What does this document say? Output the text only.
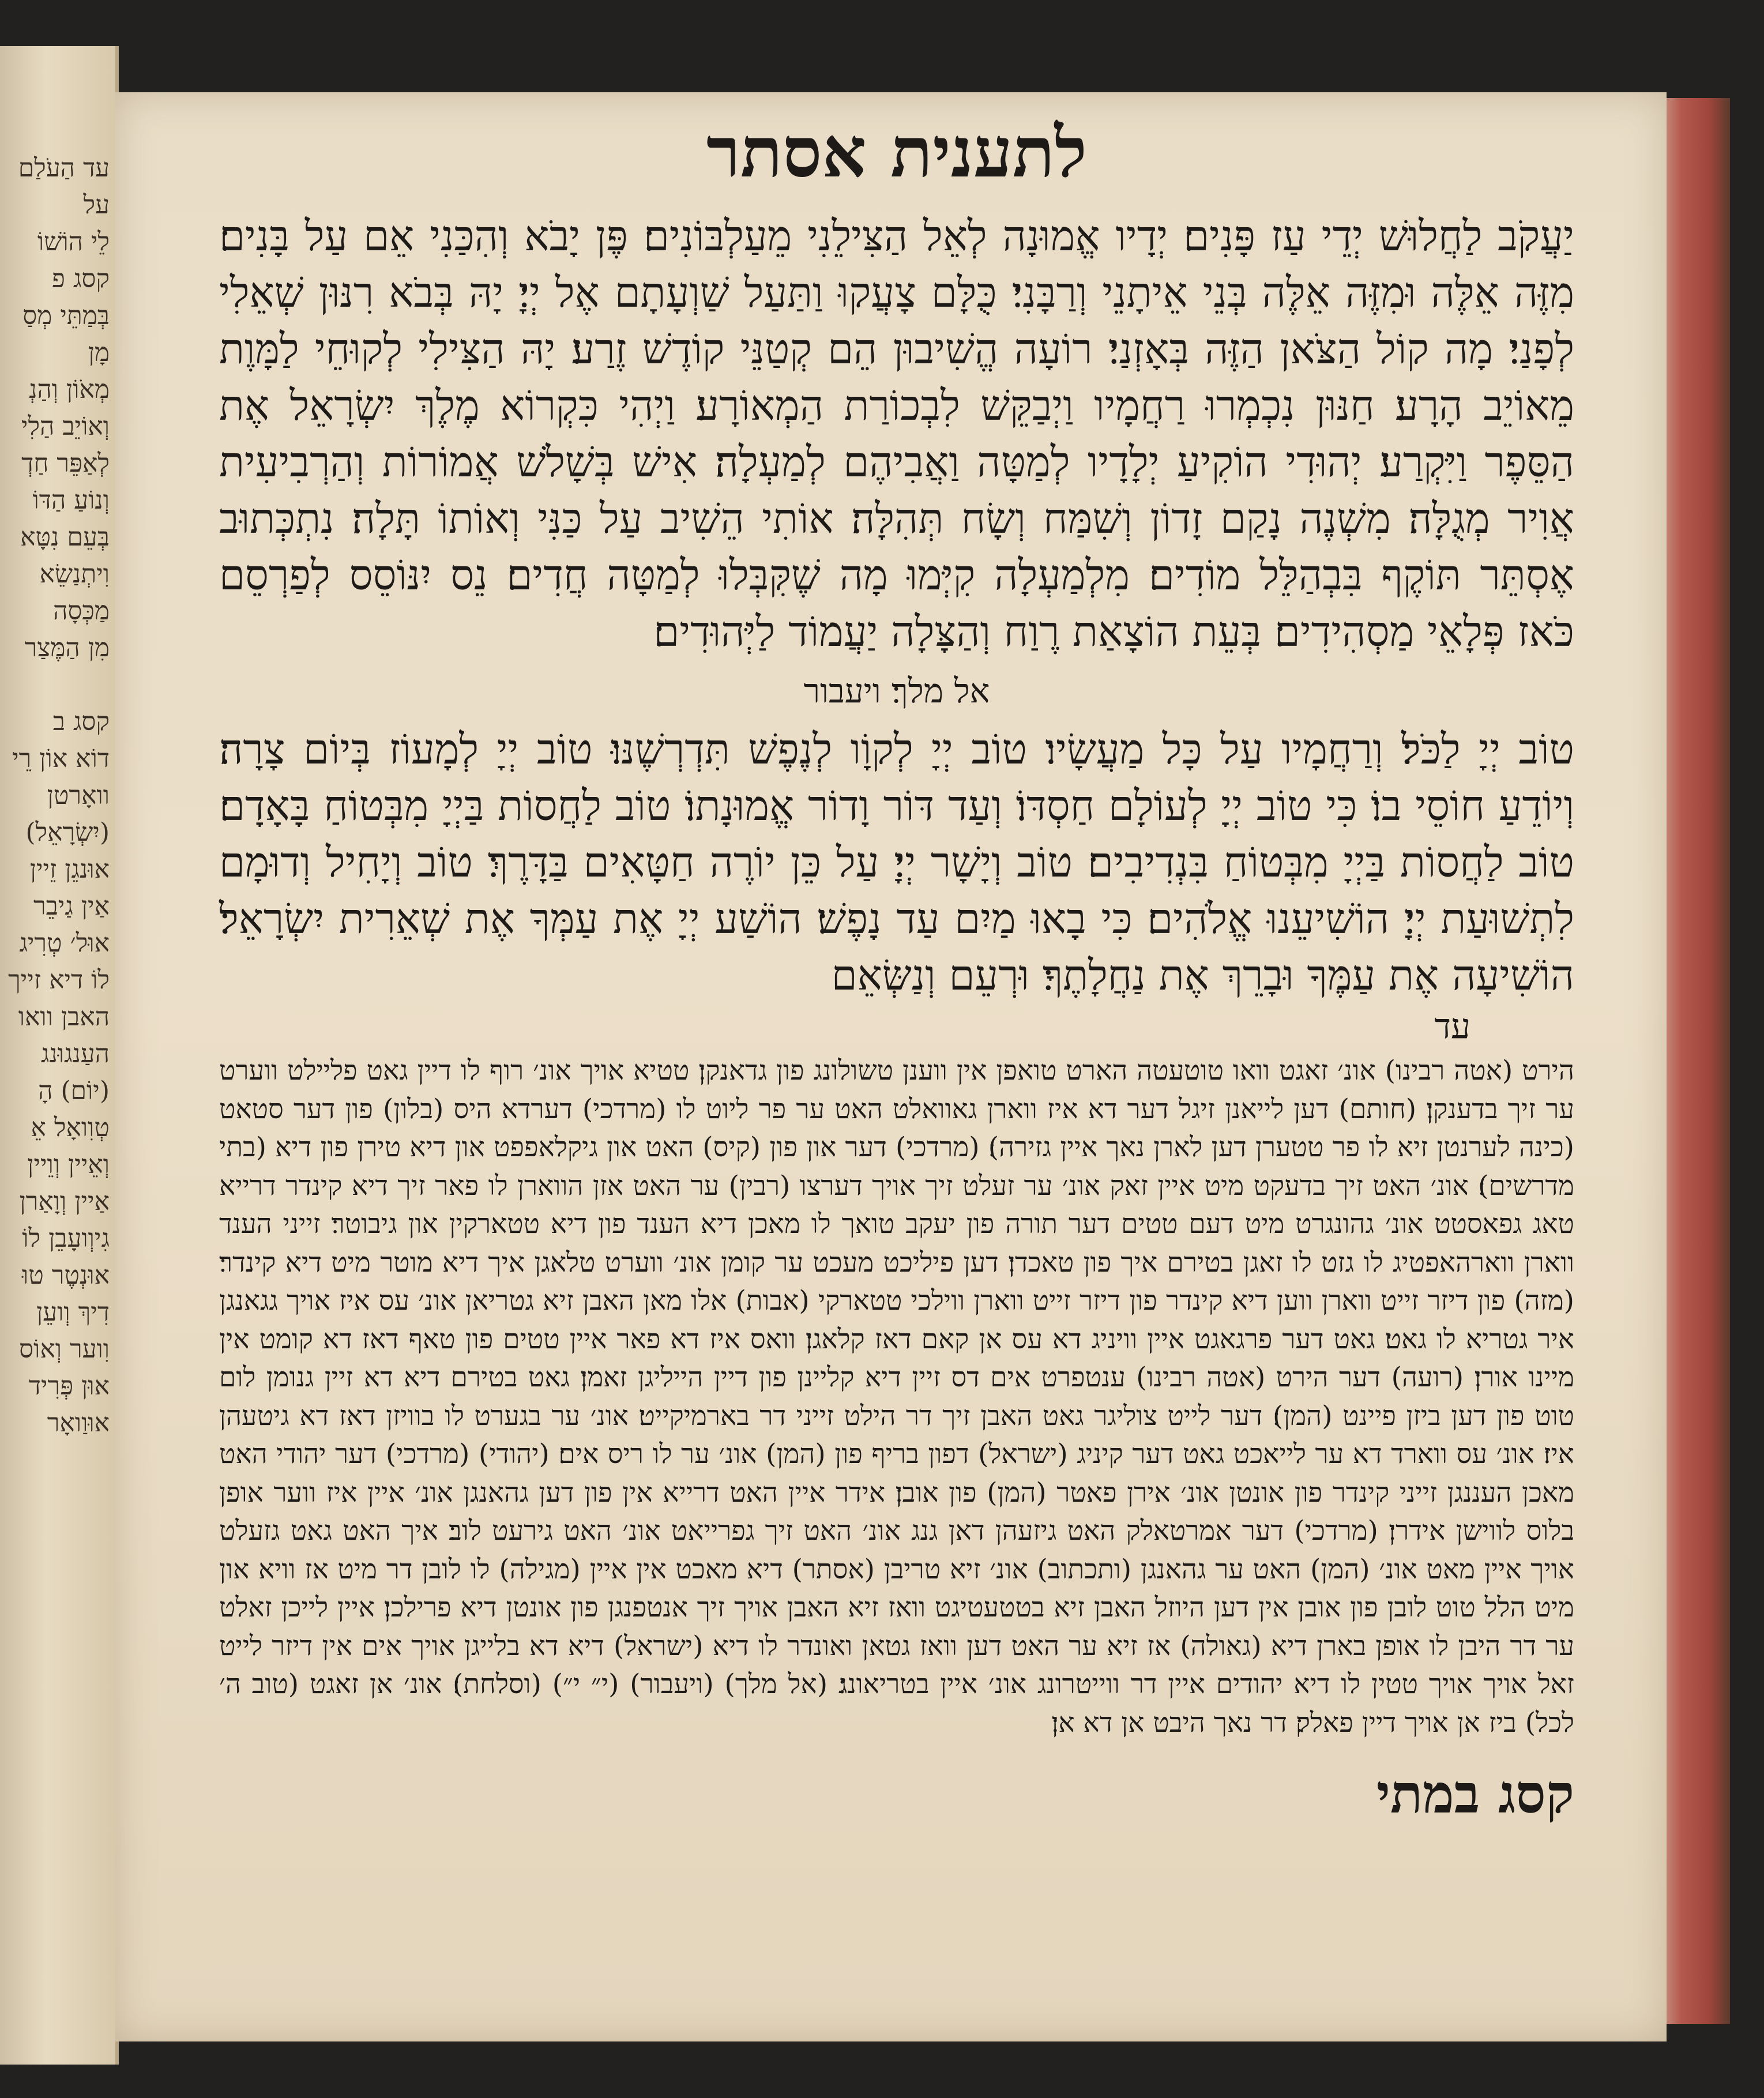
עד הַעֹלַם
על
לֵי הוֹשׁוֹ
קסג פ
בְּמַתֵּי מְסַ
מָן
מְאֹוֹן וְהַנְ
וְאוֹיֵב הַלִי
לְאַפֵּר חַדְ
וְנוֹעַ הַדּוֹ
בְּעֵם נִטָּא
וִיתְנַשֵׂא
מַכְּסָה
מִן הַמֶּצַר

קסג ב
דוֹא אוֹן רֵי
וואָרטן
(יִשְׂרָאֵל)
אוּנגֵן זֵיין
אַין גַיבֵר
אוּל׳ טְרִיג
לוֹ דיא זייך
האבן וואו
העַנגוּנג
(יוֹם) הָ
טְוִואָל אֵ
וְאֵיין וְוֵיין
אַיין וְוָאַרן
גִיוְועָבֵן לוֹ
אוּנְטֶר טוּ
דִיךְ וְועֵן
וִוער וְאוֹס
אוּן פְּרִיד
אוּוַואָר
לתענית אסתר

יַעֲקֹב לַחֲלוּשׁ יְדֵי עַז פָּנִים׃ יְדָיו אֱמוּנָה לְאֵל הַצִּילֵנִי מֵעַלְבּוֹנִים׃ פֶּן יָבֹא וְהִכַּנִי אֵם עַל בָּנִים׃ מִזֶּה אֵלֶּה וּמִזֶּה אֵלֶּה בְּנֵי אֵיתָנֵי וְרַבָּנִי׃ כֻּלָּם צָעֲקוּ וַתַּעַל שַׁוְעָתָם אֶל יְיָ׃ יָהּ בְּבֹא רִנּוּן שְׁאֵלִי לְפָנַי׃ מָה קוֹל הַצֹּאן הַזֶּה בְּאָזְנַי׃ רוֹעָה הֱשִׁיבוּן הֵם קְטַנֵּי קוֹדֶשׁ זֶרַע׃ יָהּ הַצִּילִי לְקוּחֵי לַמָּוֶת מֵאוֹיֵב הָרָע׃ חַנּוּן נִכְמְרוּ רַחֲמָיו וַיְבַקֵּשׁ לִבְכוֹרַת הַמְאוֹרָע׃ וַיְהִי כִּקְרוֹא מֶלֶךְ יִשְׂרָאֵל אֶת הַסֵּפֶר וַיִּקְרַע׃ יְהוּדִי הוֹקִיעַ יְלָדָיו לְמַטָּה וַאֲבִיהֶם לְמַעְלָה׃ אִישׁ בְּשָׁלֹשׁ אֲמוֹרוֹת וְהַרְבִיעִית אֲוִיר מְגֻלָּה׃ מִשְׁנֶה נָקַם זָדוֹן וְשִׁמַּח וְשָׂח תְּהִלָּה׃ אוֹתִי הֵשִׁיב עַל כַּנִּי וְאוֹתוֹ תָּלָה׃ נִתְכְּתוּב אֶסְתֵּר תּוֹקֶף בִּבְהַלֵּל מוֹדִים׃ מִלְמַעְלָה קִיְּמוּ מָה שֶׁקִּבְּלוּ לְמַטָּה חֲדִים׃ נֵס יִנּוֹסֵס לְפַרְסֵם כֹּאז פְּלָאֵי מַסְהִידִים׃ בְּעֵת הוֹצָאַת רֶוַח וְהַצָּלָה יַעֲמוֹד לַיְּהוּדִים׃

אל מלך׃ ויעבור

טוֹב יְיָ לַכֹּל׃ וְרַחֲמָיו עַל כָּל מַעֲשָׂיו׃ טוֹב יְיָ לְקוָֹו לְנֶפֶשׁ תִּדְרְשֶׁנּוּ׃ טוֹב יְיָ לְמָעוֹז בְּיוֹם צָרָה׃ וְיוֹדֵעַ חוֹסֵי בוֹ׃ כִּי טוֹב יְיָ לְעוֹלָם חַסְדּוֹ׃ וְעַד דּוֹר וָדוֹר אֱמוּנָתוֹ׃ טוֹב לַחֲסוֹת בַּיְיָ מִבְּטוֹחַ בָּאָדָם׃ טוֹב לַחֲסוֹת בַּיְיָ מִבְּטוֹחַ בִּנְדִיבִים׃ טוֹב וְיָשָׁר יְיָ׃ עַל כֵּן יוֹרֶה חַטָּאִים בַּדָּרֶךְ׃ טוֹב וְיָחִיל וְדוּמָם לִתְשׁוּעַת יְיָ׃ הוֹשִׁיעֵנוּ אֱלֹהִים׃ כִּי בָאוּ מַיִם עַד נָפֶשׁ׃ הוֹשַׁע יְיָ אֶת עַמְּךָ אֶת שְׁאֵרִית יִשְׂרָאֵל׃ הוֹשִׁיעָה אֶת עַמֶּךָ וּבָרֵךְ אֶת נַחֲלָתֶךָ׃ וּרְעֵם וְנַשְּׂאֵם

עד

הירט (אטה רבינו) אונ׳ זאגט וואו טוטעטה הארט טואפן אין ווענן טשולונג פון גדאנקן׃ טטיא אויך אונ׳ רוף לו דיין גאט פליילט ווערט ער זיך בדענקן׃ (חותם) דען לייאנן זיגל דער דא איז ווארן גאוואלט האט ער פר ליוט לו (מרדכי) דערדא היס (בלון) פון דער סטאט (כינה לערנטן זיא לו פר טטערן דען לארן נאך איין גזירה)׃ (מרדכי) דער און פון (קיס) האט און גיקלאפפט און דיא טירן פון דיא (בתי מדרשים)׃ אונ׳ האט זיך בדעקט מיט איין זאק אונ׳ ער זעלט זיך אויך דערצו (רבין) ער האט אזן הווארן לו פאר זיך דיא קינדר דרייא טאג גפאסטט אונ׳ גהונגרט מיט דעם טטים דער תורה פון יעקב טואך לו מאכן דיא הענד פון דיא טטארקין און גיבוטר׃ זייני הענד ווארן ווארהאפטיג לו גזט לו זאגן בטירם איך פון טאכדן׃ דען פיליכט מעכט ער קומן אונ׳ ווערט טלאגן איך דיא מוטר מיט דיא קינדר׃ (מזה) פון דיזר זייט ווארן ווען דיא קינדר פון דיזר זייט ווארן ווילכי טטארקי (אבות) אלו מאן האבן זיא גטריאן אונ׳ עס איז אויך גגאנגן איר גטריא לו גאט׃ גאט דער פרגאגט איין וויניג דא עס אן קאם דאז קלאגן׃ וואס איז דא פאר איין טטים פון טאף דאז דא קומט אין מיינו אורן׃ (רועה) דער הירט (אטה רבינו) ענטפרט אים דס זיין דיא קליינן פון דיין הייליגן זאמן׃ גאט בטירם דיא דא זיין גנומן לום טוט פון דען ביזן פיינט (המן)׃ דער לייט צוליגר גאט האבן זיך דר הילט זייני דר בארמיקייט׃ אונ׳ ער בגערט לו בוויזן דאז דא גיטעהן איז׃ אונ׳ עס ווארד דא ער לייאכט גאט דער קיניג (ישראל) דפון בריף פון (המן) אונ׳ ער לו ריס אים׃ (יהודי) (מרדכי) דער יהודי האט מאכן העננגן זייני קינדר פון אונטן אונ׳ אירן פאטר (המן) פון אובן׃ אידר איין האט דרייא אין פון דען גהאנגן אונ׳ איין איז ווער אופן בלוס לווישן אידרן׃ (מרדכי) דער אמרטאלק האט גיזעהן דאן גנג אונ׳ האט זיך גפרייאט אונ׳ האט גירעט לוב׃ איך האט גאט גזעלט אויך איין מאט אונ׳ (המן) האט ער גהאנגן (ותכתוב) אונ׳ זיא טריבן (אסתר) דיא מאכט אין איין (מגילה) לו לובן דר מיט אז וויא און מיט הלל טוט לובן פון אובן אין דען היוזל האבן זיא בטטעטיגט וואז זיא האבן אויך זיך אנטפנגן פון אונטן דיא פרילכן׃ איין לייכן זאלט ער דר היבן לו אופן בארן דיא (גאולה) אז זיא ער האט דען וואז גטאן ואונדר לו דיא (ישראל) דיא דא בלייגן אויך אים אין דיזר לייט זאל אויך אויך טטין לו דיא יהודים איין דר ווייטרונג אונ׳ איין בטריאונג׃ (אל מלך) (ויעבור) (י״ י״) (וסלחת)׃ אונ׳ אן זאגט (טוב ה׳ לכל) ביז אן אויך דיין פאלק׃ דר נאך היבט אן דא אן׃

קסג במתי
